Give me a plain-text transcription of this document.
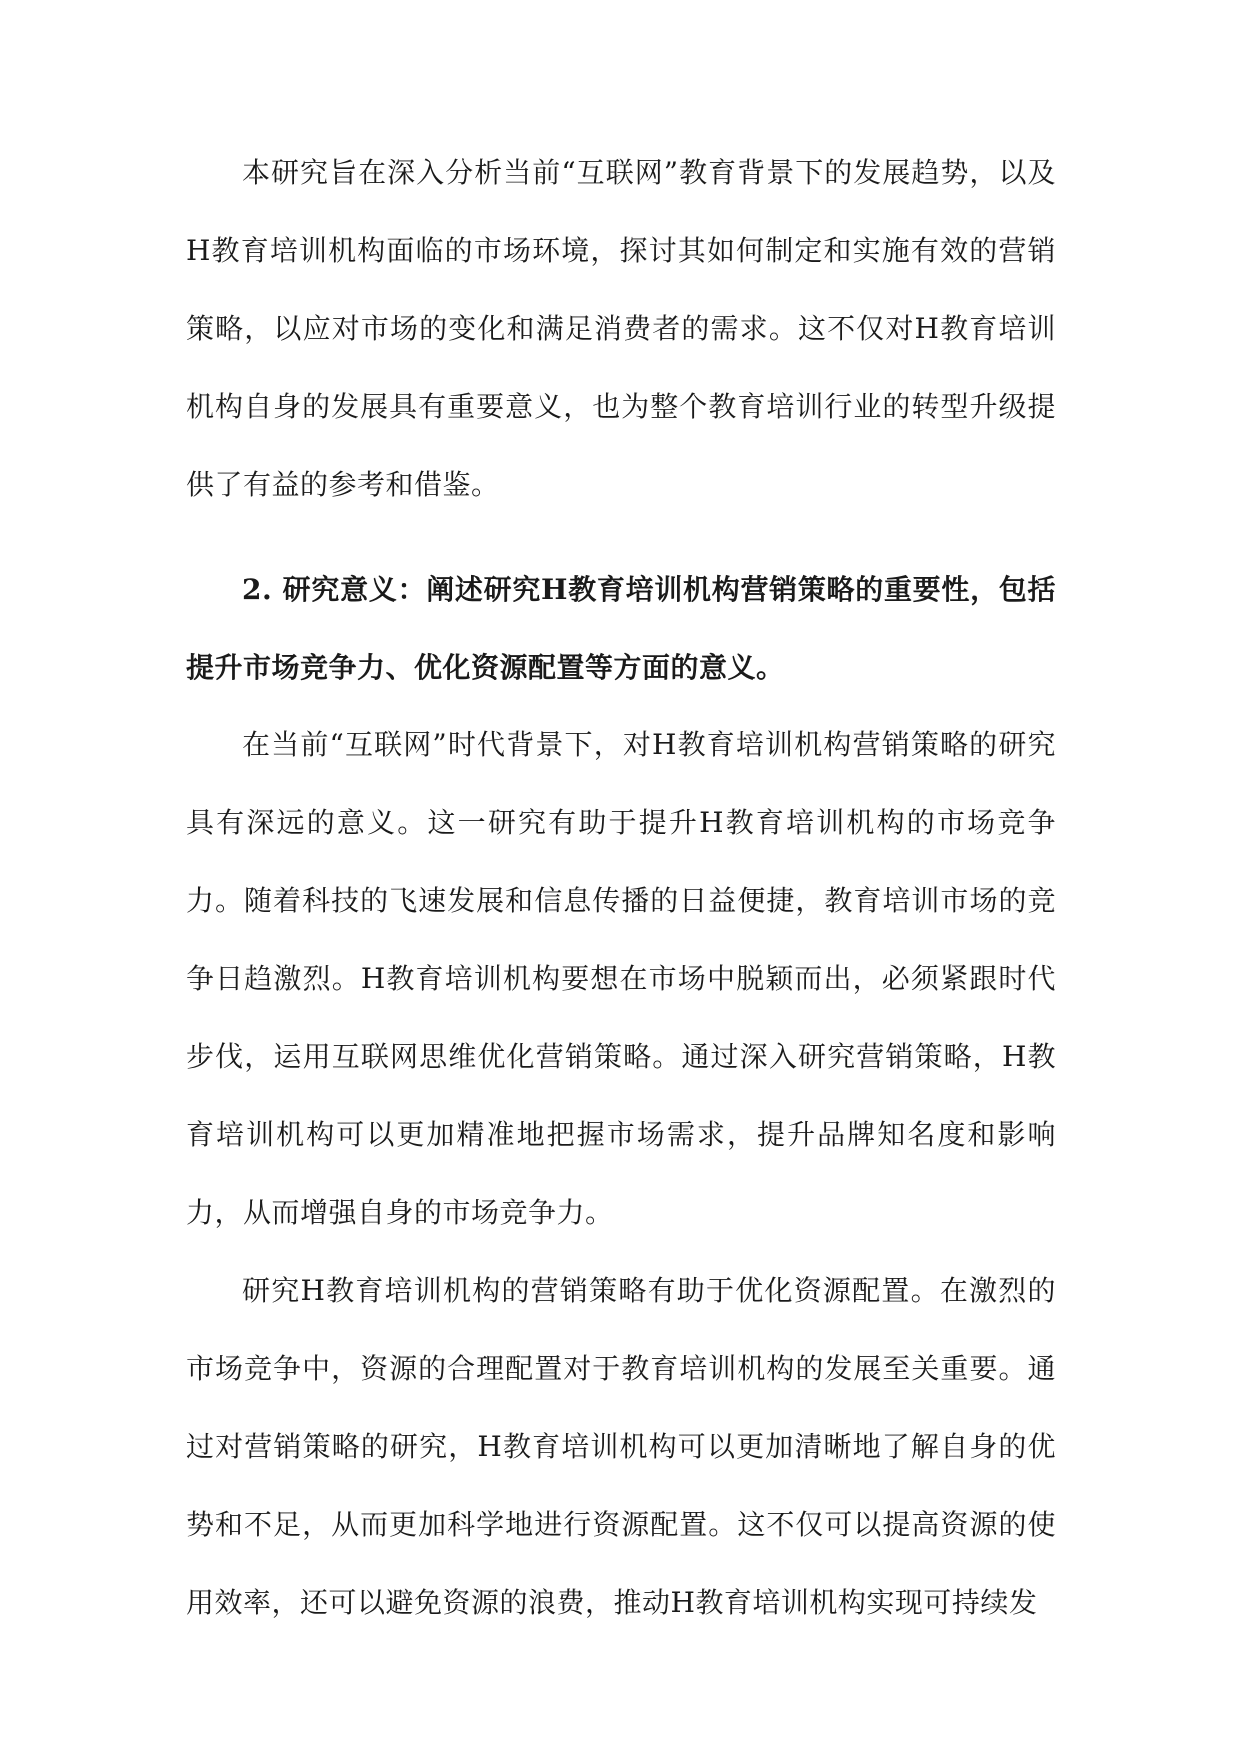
本研究旨在深入分析当前“互联网”教育背景下的发展趋势，以及H教育培训机构面临的市场环境，探讨其如何制定和实施有效的营销策略，以应对市场的变化和满足消费者的需求。这不仅对H教育培训机构自身的发展具有重要意义，也为整个教育培训行业的转型升级提供了有益的参考和借鉴。

2. 研究意义：阐述研究H教育培训机构营销策略的重要性，包括提升市场竞争力、优化资源配置等方面的意义。

在当前“互联网”时代背景下，对H教育培训机构营销策略的研究具有深远的意义。这一研究有助于提升H教育培训机构的市场竞争力。随着科技的飞速发展和信息传播的日益便捷，教育培训市场的竞争日趋激烈。H教育培训机构要想在市场中脱颖而出，必须紧跟时代步伐，运用互联网思维优化营销策略。通过深入研究营销策略，H教育培训机构可以更加精准地把握市场需求，提升品牌知名度和影响力，从而增强自身的市场竞争力。

研究H教育培训机构的营销策略有助于优化资源配置。在激烈的市场竞争中，资源的合理配置对于教育培训机构的发展至关重要。通过对营销策略的研究，H教育培训机构可以更加清晰地了解自身的优势和不足，从而更加科学地进行资源配置。这不仅可以提高资源的使用效率，还可以避免资源的浪费，推动H教育培训机构实现可持续发
